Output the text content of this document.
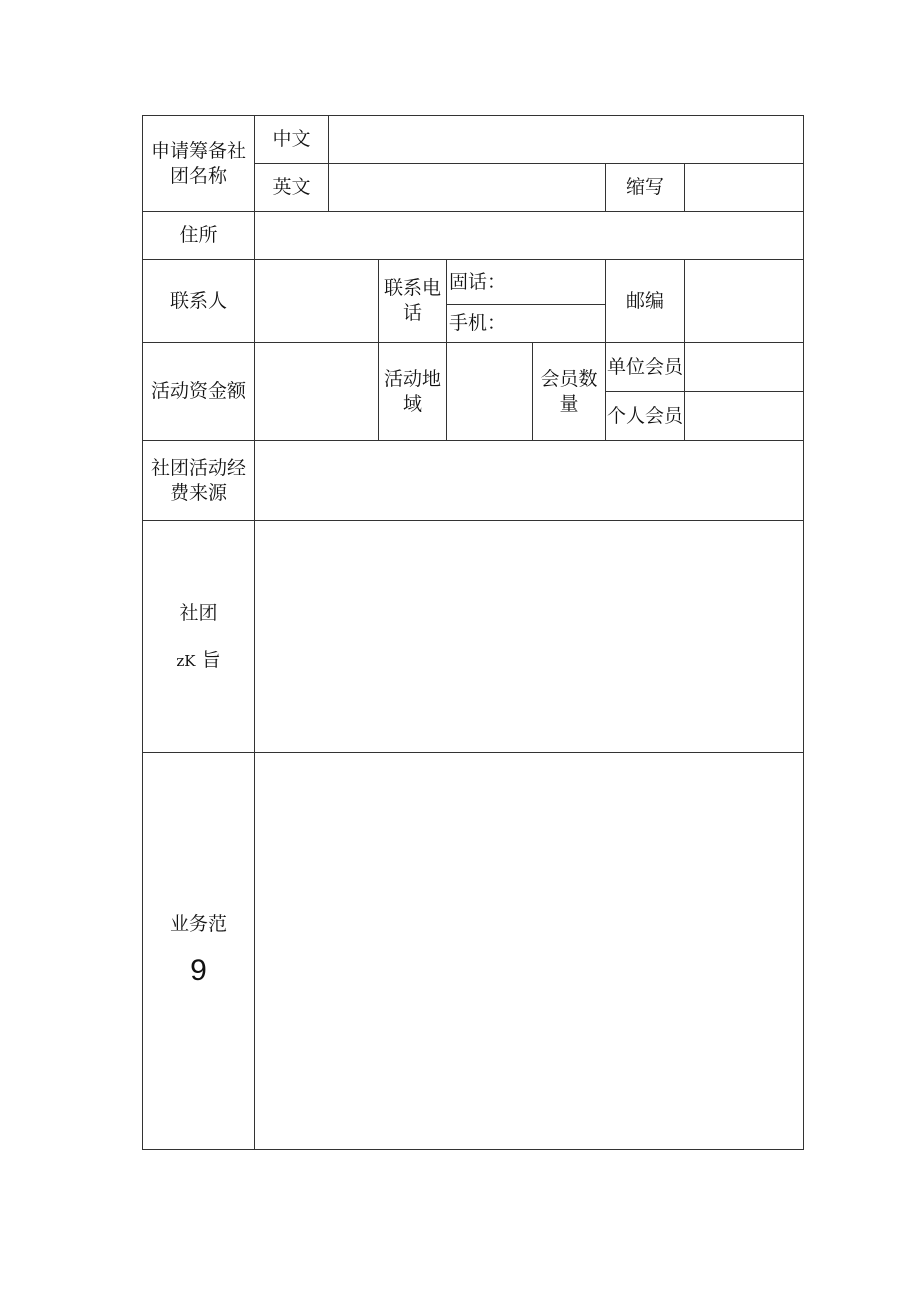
申请筹备社团名称	中文						

	英文					缩写	

住所							

联系人			联系电话	固话：		邮编	

				手机：			
活动资金额			活动地域		会员数量	单位会员	

						个人会员	

社团活动经费来源							

社团
zK 旨							

业务范
9							
